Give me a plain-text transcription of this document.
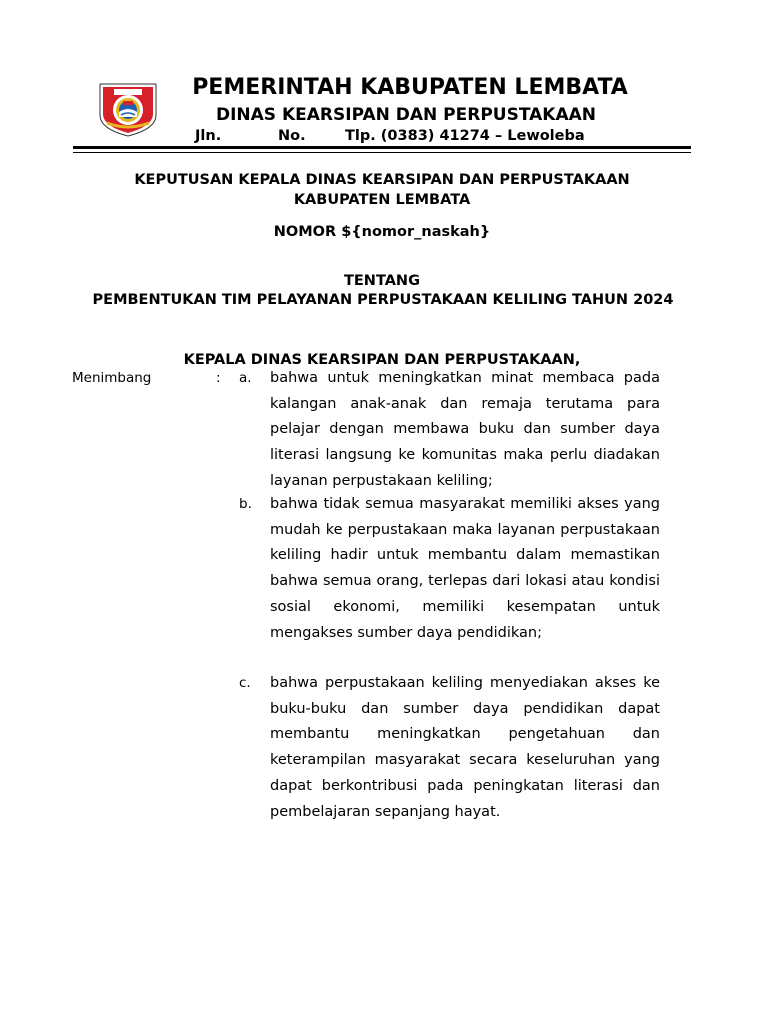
PEMERINTAH KABUPATEN LEMBATA
DINAS KEARSIPAN DAN PERPUSTAKAAN
Jln.	No.	Tlp. (0383) 41274 – Lewoleba
KEPUTUSAN KEPALA DINAS KEARSIPAN DAN PERPUSTAKAAN
KABUPATEN LEMBATA
NOMOR ${nomor_naskah}
TENTANG
PEMBENTUKAN TIM PELAYANAN PERPUSTAKAAN KELILING TAHUN 2024
KEPALA DINAS KEARSIPAN DAN PERPUSTAKAAN,
Menimbang	: a. bahwa untuk meningkatkan minat membaca pada kalangan anak-anak dan remaja terutama para pelajar dengan membawa buku dan sumber daya literasi langsung ke komunitas maka perlu diadakan layanan perpustakaan keliling;
b. bahwa tidak semua masyarakat memiliki akses yang mudah ke perpustakaan maka layanan perpustakaan keliling hadir untuk membantu dalam memastikan bahwa semua orang, terlepas dari lokasi atau kondisi sosial ekonomi, memiliki kesempatan untuk mengakses sumber daya pendidikan;
c. bahwa perpustakaan keliling menyediakan akses ke buku-buku dan sumber daya pendidikan dapat membantu meningkatkan pengetahuan dan keterampilan masyarakat secara keseluruhan yang dapat berkontribusi pada peningkatan literasi dan pembelajaran sepanjang hayat.
